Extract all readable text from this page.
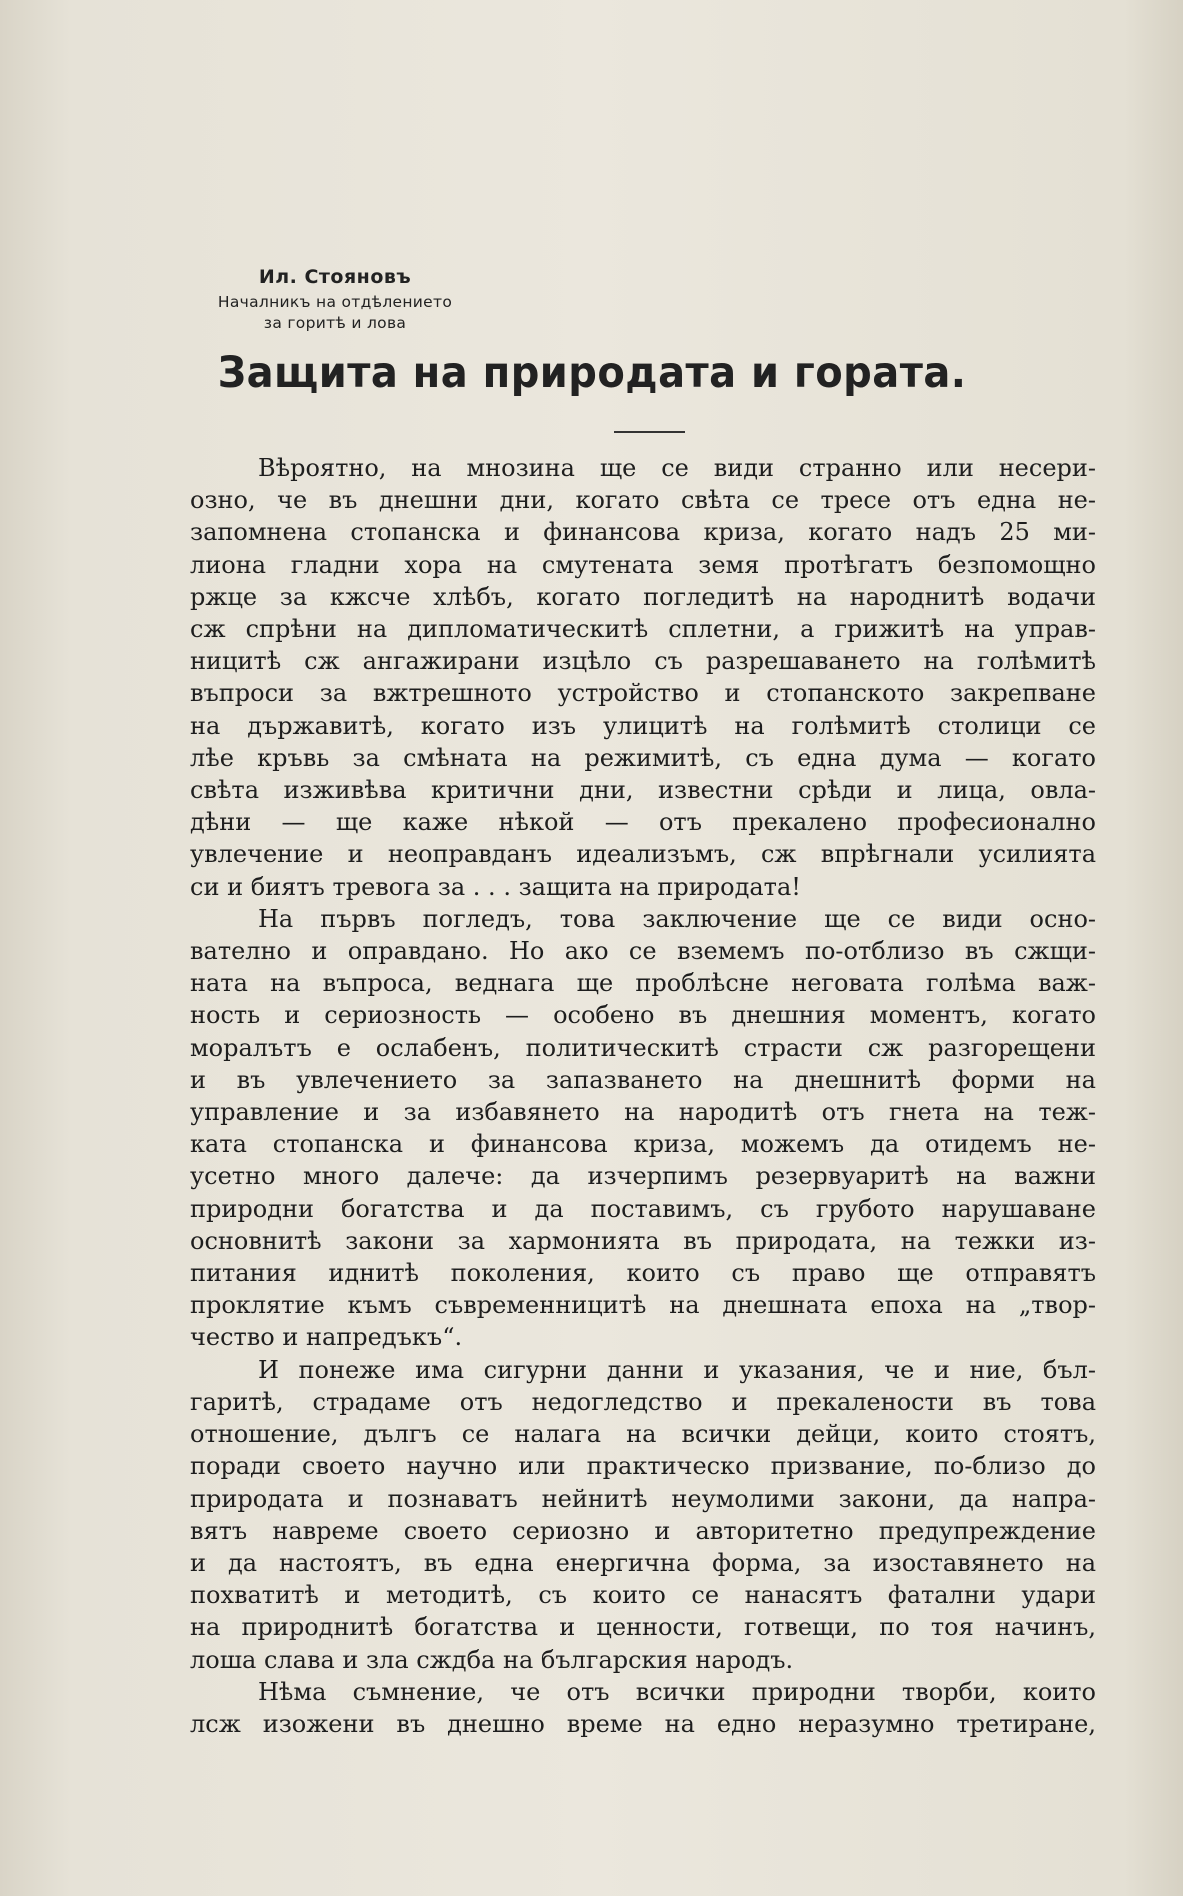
Ил. Стояновъ
Началникъ на отдѣлението
за горитѣ и лова
Защита на природата и гората.
Вѣроятно, на мнозина ще се види странно или несери-
озно, че въ днешни дни, когато свѣта се тресе отъ една не-
запомнена стопанска и финансова криза, когато надъ 25 ми-
лиона гладни хора на смутената земя протѣгатъ безпомощно
ржце за кжсче хлѣбъ, когато погледитѣ на народнитѣ водачи
сж спрѣни на дипломатическитѣ сплетни, а грижитѣ на управ-
ницитѣ сж ангажирани изцѣло съ разрешаването на голѣмитѣ
въпроси за вжтрешното устройство и стопанското закрепване
на държавитѣ, когато изъ улицитѣ на голѣмитѣ столици се
лѣе кръвь за смѣната на режимитѣ, съ една дума — когато
свѣта изживѣва критични дни, известни срѣди и лица, овла-
дѣни — ще каже нѣкой — отъ прекалено професионално
увлечение и неоправданъ идеализъмъ, сж впрѣгнали усилията
си и биятъ тревога за . . . защита на природата!
На първъ погледъ, това заключение ще се види осно-
вателно и оправдано. Но ако се вземемъ по-отблизо въ сжщи-
ната на въпроса, веднага ще проблѣсне неговата голѣма важ-
ность и сериозность — особено въ днешния моментъ, когато
моралътъ е ослабенъ, политическитѣ страсти сж разгорещени
и въ увлечението за запазването на днешнитѣ форми на
управление и за избавянето на народитѣ отъ гнета на теж-
ката стопанска и финансова криза, можемъ да отидемъ не-
усетно много далече: да изчерпимъ резервуаритѣ на важни
природни богатства и да поставимъ, съ грубото нарушаване
основнитѣ закони за хармонията въ природата, на тежки из-
питания иднитѣ поколения, които съ право ще отправятъ
проклятие къмъ съвременницитѣ на днешната епоха на „твор-
чество и напредъкъ“.
И понеже има сигурни данни и указания, че и ние, бъл-
гаритѣ, страдаме отъ недогледство и прекалености въ това
отношение, дългъ се налага на всички дейци, които стоятъ,
поради своето научно или практическо призвание, по-близо до
природата и познаватъ нейнитѣ неумолими закони, да напра-
вятъ навреме своето сериозно и авторитетно предупреждение
и да настоятъ, въ една енергична форма, за изоставянето на
похватитѣ и методитѣ, съ които се нанасятъ фатални удари
на природнитѣ богатства и ценности, готвещи, по тоя начинъ,
лоша слава и зла сждба на българския народъ.
Нѣма съмнение, че отъ всички природни творби, които
лсж изожени въ днешно време на едно неразумно третиране,
